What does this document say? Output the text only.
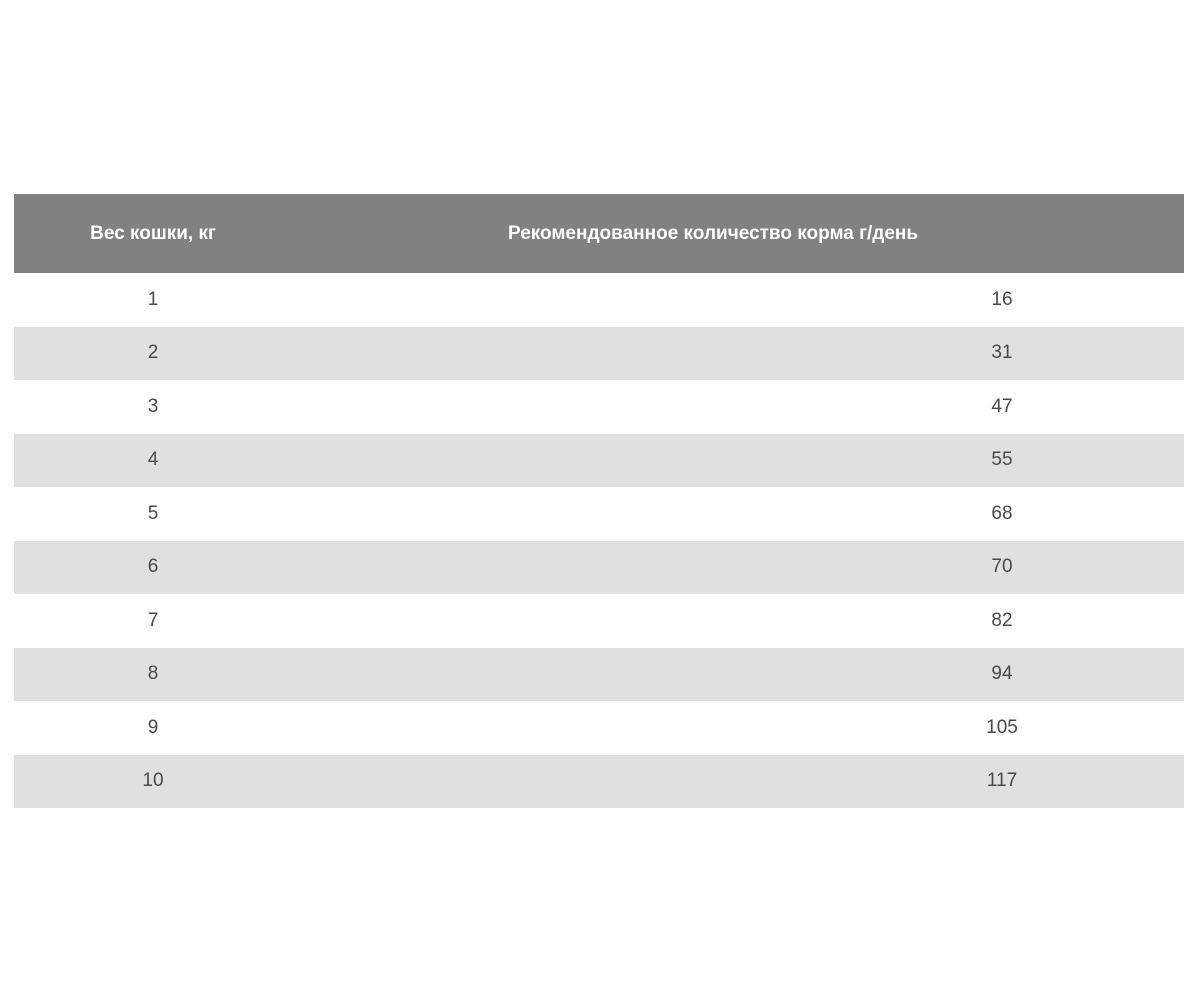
Вес кошки, кг	Рекомендованное количество корма г/день
1	16
2	31
3	47
4	55
5	68
6	70
7	82
8	94
9	105
10	117
